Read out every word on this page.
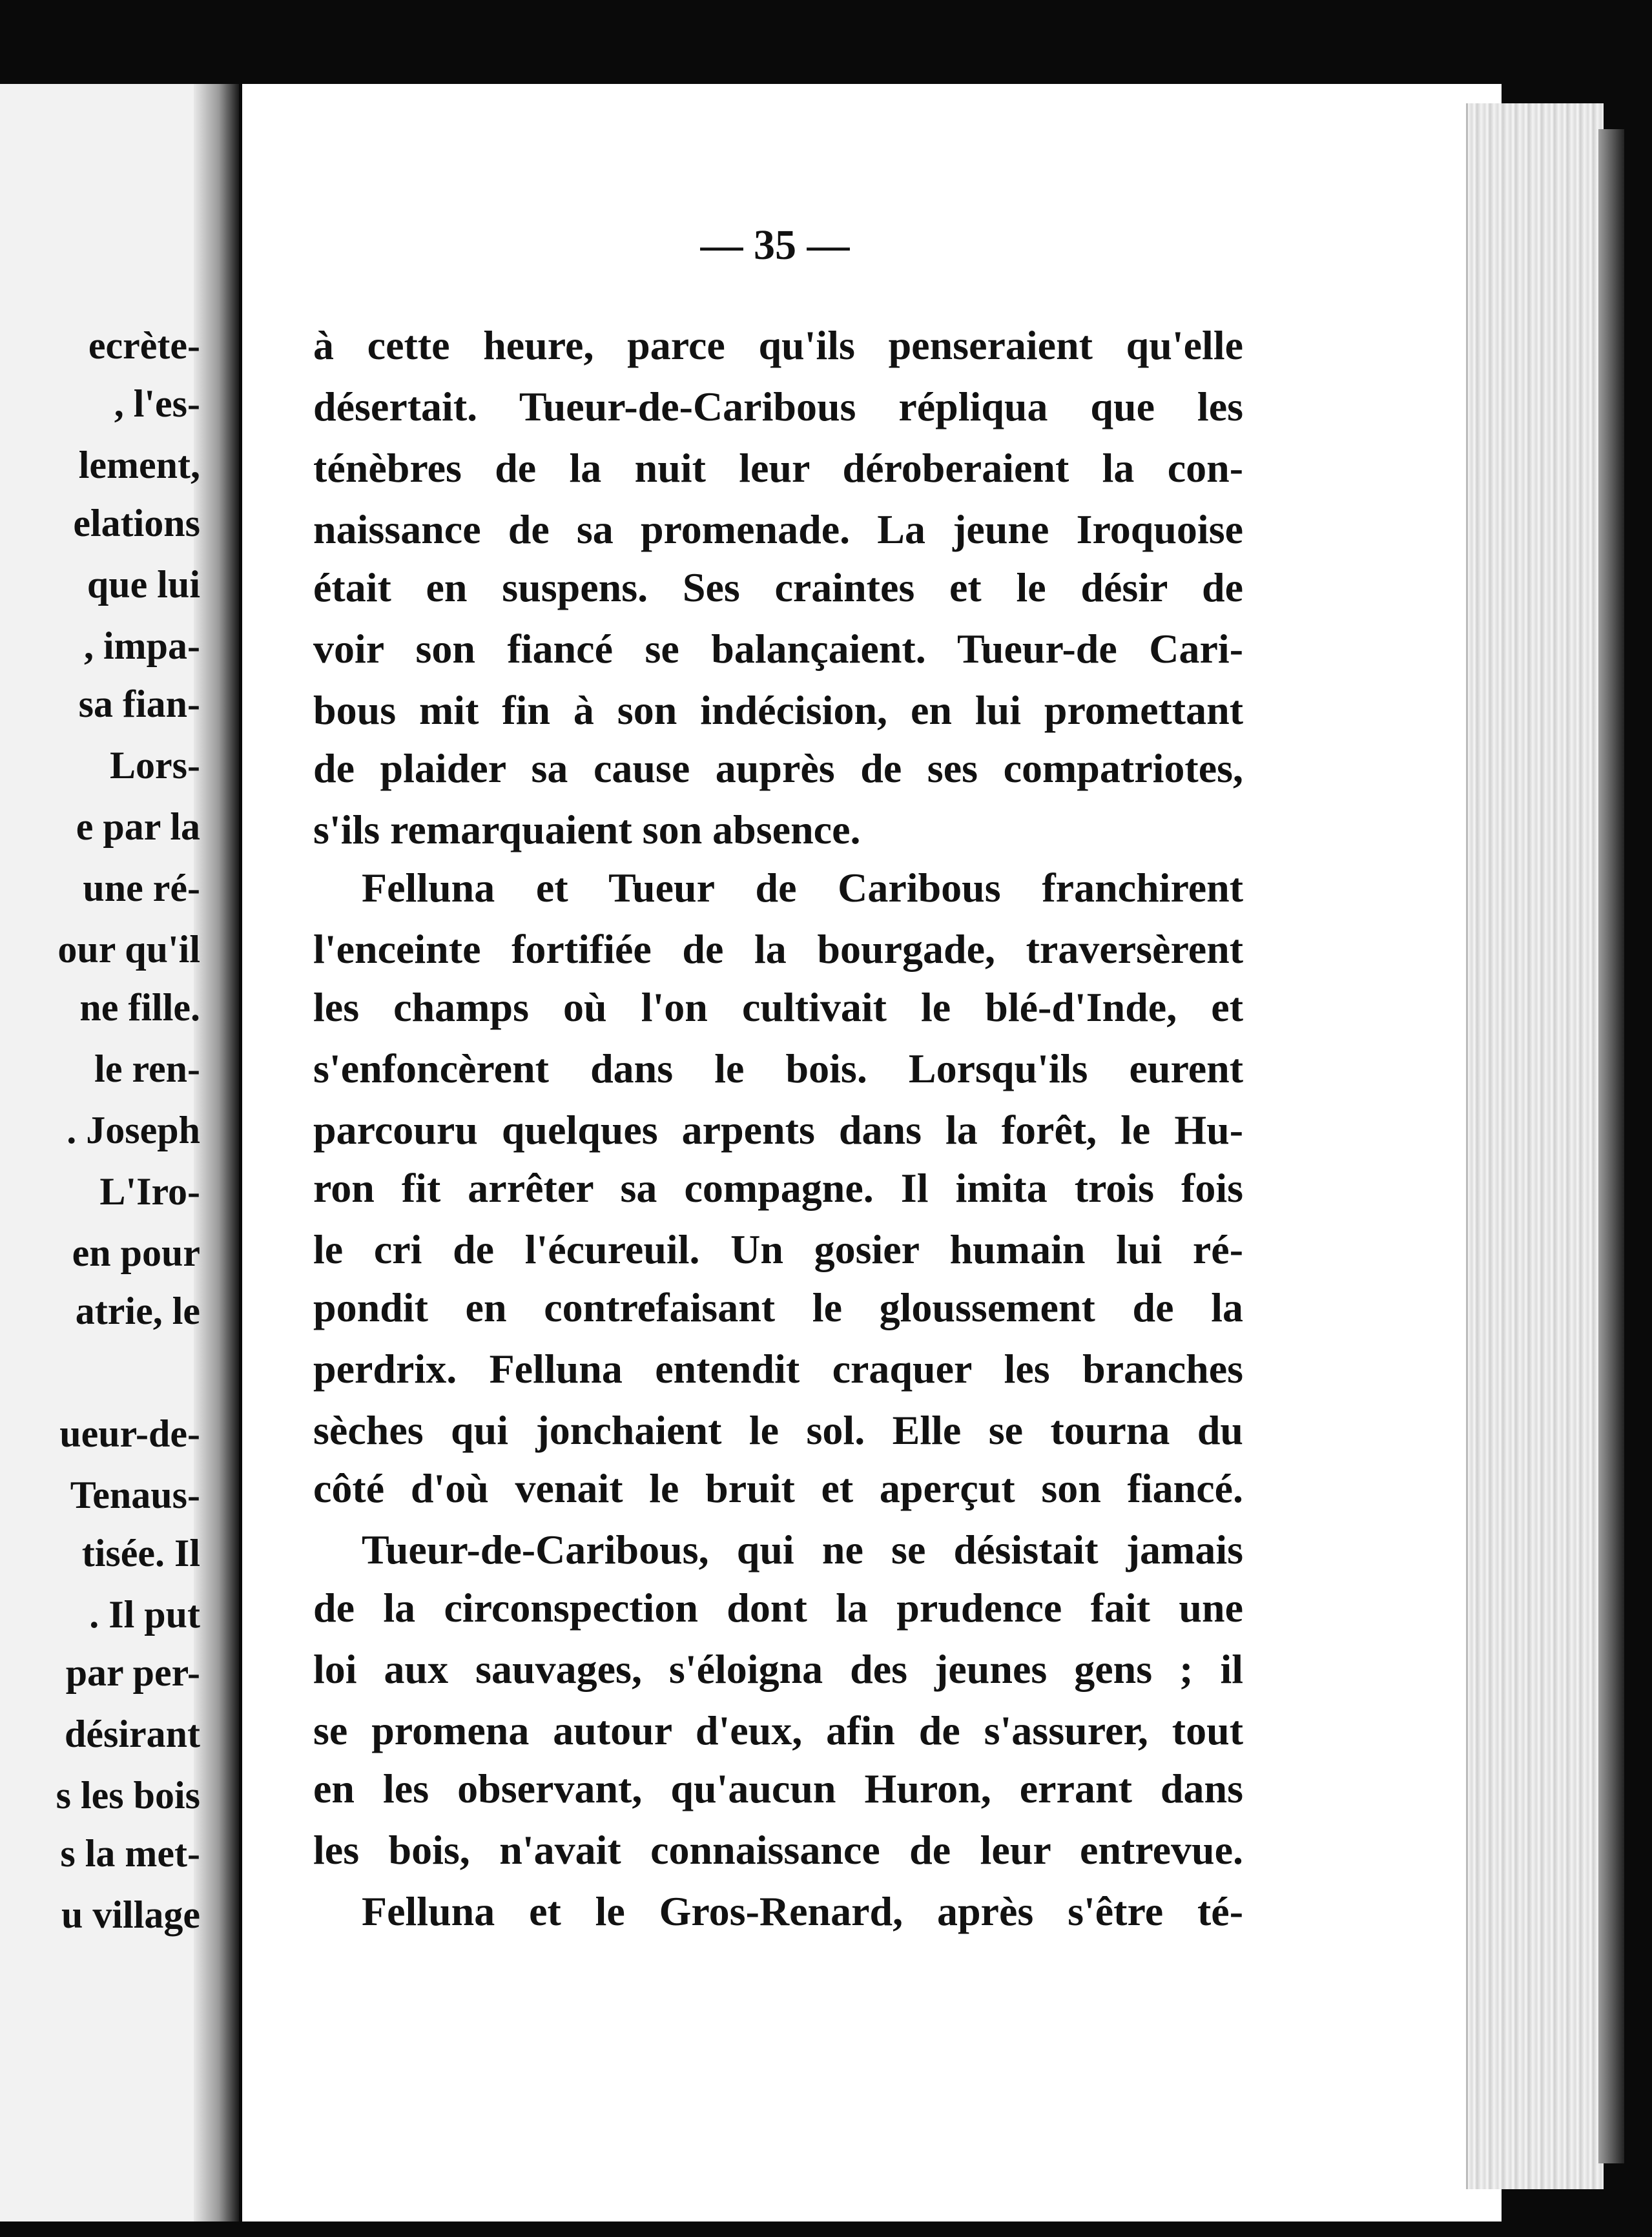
ecrète-
, l'es-
lement,
elations
que lui
, impa-
sa fian-
Lors-
e par la
une ré-
our qu'il
ne fille.
le ren-
. Joseph
L'Iro-
en pour
atrie, le
ueur-de-
Tenaus-
tisée. Il
. Il put
par per-
désirant
s les bois
s la met-
u village
— 35 —
à cette heure, parce qu'ils penseraient qu'elle
désertait. Tueur-de-Caribous répliqua que les
ténèbres de la nuit leur déroberaient la con-
naissance de sa promenade. La jeune Iroquoise
était en suspens. Ses craintes et le désir de
voir son fiancé se balançaient. Tueur-de Cari-
bous mit fin à son indécision, en lui promettant
de plaider sa cause auprès de ses compatriotes,
s'ils remarquaient son absence.
Felluna et Tueur de Caribous franchirent
l'enceinte fortifiée de la bourgade, traversèrent
les champs où l'on cultivait le blé-d'Inde, et
s'enfoncèrent dans le bois. Lorsqu'ils eurent
parcouru quelques arpents dans la forêt, le Hu-
ron fit arrêter sa compagne. Il imita trois fois
le cri de l'écureuil. Un gosier humain lui ré-
pondit en contrefaisant le gloussement de la
perdrix. Felluna entendit craquer les branches
sèches qui jonchaient le sol. Elle se tourna du
côté d'où venait le bruit et aperçut son fiancé.
Tueur-de-Caribous, qui ne se désistait jamais
de la circonspection dont la prudence fait une
loi aux sauvages, s'éloigna des jeunes gens ; il
se promena autour d'eux, afin de s'assurer, tout
en les observant, qu'aucun Huron, errant dans
les bois, n'avait connaissance de leur entrevue.
Felluna et le Gros-Renard, après s'être té-
